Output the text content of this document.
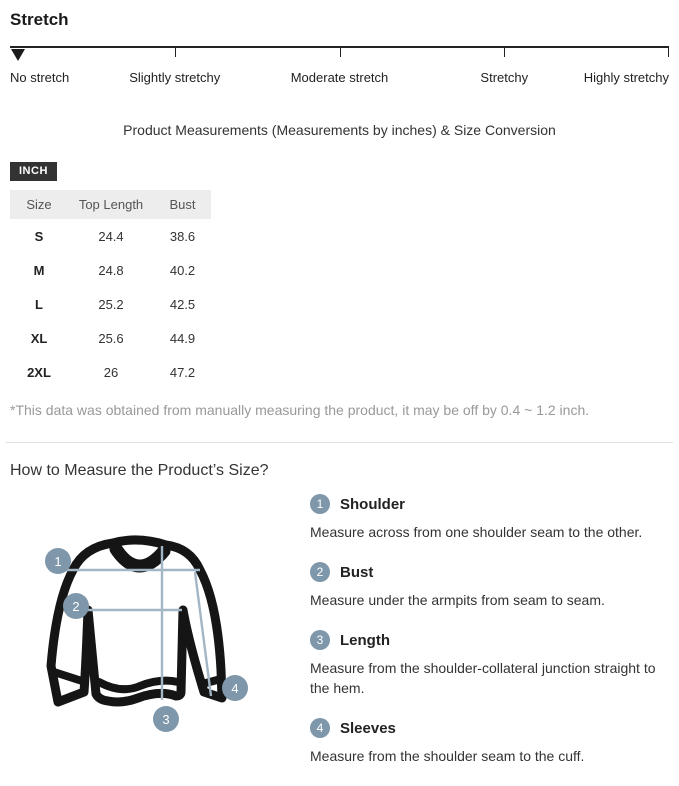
Stretch
No stretch	Slightly stretchy	Moderate stretch	Stretchy	Highly stretchy
Product Measurements (Measurements by inches) & Size Conversion
INCH
Size	Top Length	Bust
S	24.4	38.6
M	24.8	40.2
L	25.2	42.5
XL	25.6	44.9
2XL	26	47.2

*This data was obtained from manually measuring the product, it may be off by 0.4 ~ 1.2 inch.

How to Measure the Product’s Size?
1
2
3
4
1	Shoulder
Measure across from one shoulder seam to the other.
2	Bust
Measure under the armpits from seam to seam.
3	Length
Measure from the shoulder-collateral junction straight to the hem.
4	Sleeves
Measure from the shoulder seam to the cuff.
